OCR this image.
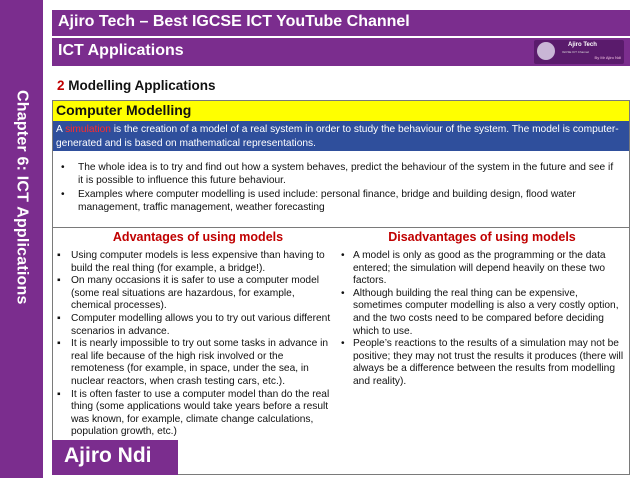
Chapter 6: ICT Applications
Ajiro Tech – Best IGCSE ICT YouTube Channel
ICT Applications	Ajiro Tech
IGCSE ICT Channel
By Mr Ajiro Ndi
2 Modelling Applications
Computer Modelling
A simulation is the creation of a model of a real system in order to study the behaviour of the system. The model is computer-generated and is based on mathematical representations.
• The whole idea is to try and find out how a system behaves, predict the behaviour of the system in the future and see if it is possible to influence this future behaviour.
• Examples where computer modelling is used include: personal finance, bridge and building design, flood water management, traffic management, weather forecasting
Advantages of using models
▪ Using computer models is less expensive than having to build the real thing (for example, a bridge!).
▪ On many occasions it is safer to use a computer model (some real situations are hazardous, for example, chemical processes).
▪ Computer modelling allows you to try out various different scenarios in advance.
▪ It is nearly impossible to try out some tasks in advance in real life because of the high risk involved or the remoteness (for example, in space, under the sea, in nuclear reactors, when crash testing cars, etc.).
▪ It is often faster to use a computer model than do the real thing (some applications would take years before a result was known, for example, climate change calculations, population growth, etc.)
Disadvantages of using models
• A model is only as good as the programming or the data entered; the simulation will depend heavily on these two factors.
• Although building the real thing can be expensive, sometimes computer modelling is also a very costly option, and the two costs need to be compared before deciding which to use.
• People’s reactions to the results of a simulation may not be positive; they may not trust the results it produces (there will always be a difference between the results from modelling and reality).
Ajiro Ndi
